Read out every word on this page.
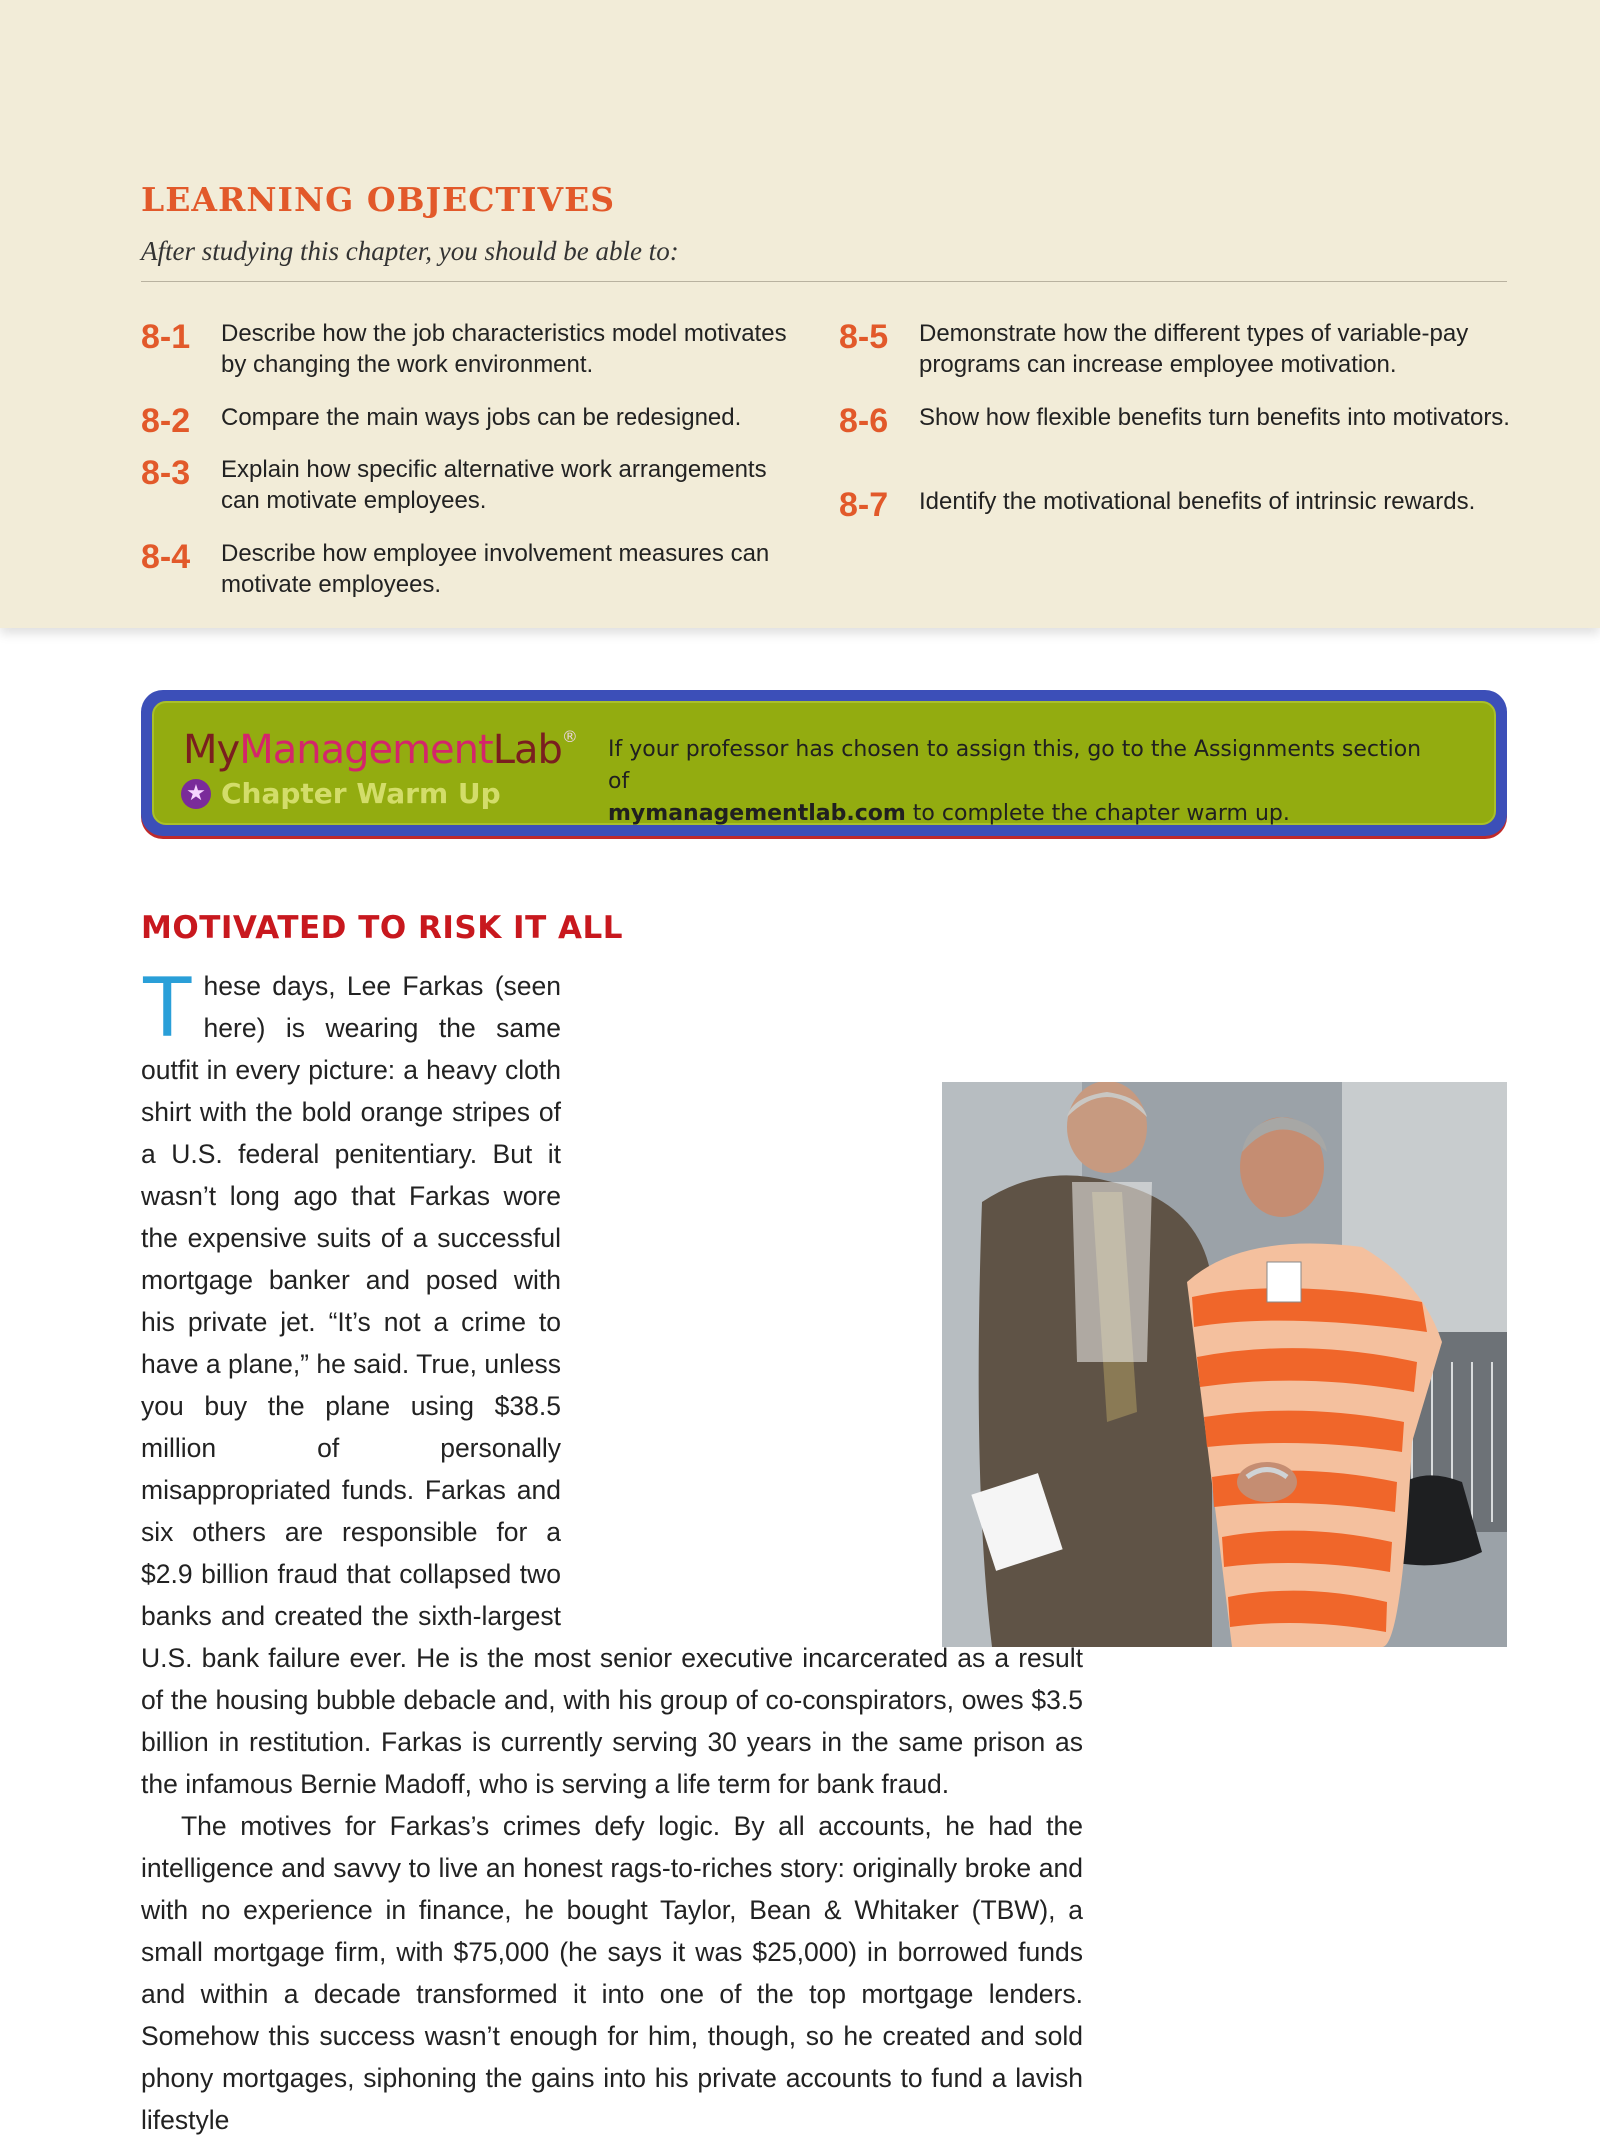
LEARNING OBJECTIVES
After studying this chapter, you should be able to:
8-1	Describe how the job characteristics model motivates by changing the work environment.
8-2	Compare the main ways jobs can be redesigned.
8-3	Explain how specific alternative work arrangements can motivate employees.
8-4	Describe how employee involvement measures can motivate employees.
8-5	Demonstrate how the different types of variable-pay programs can increase employee motivation.
8-6	Show how flexible benefits turn benefits into motivators.
8-7	Identify the motivational benefits of intrinsic rewards.
MyManagementLab®
★ Chapter Warm Up
If your professor has chosen to assign this, go to the Assignments section of
mymanagementlab.com to complete the chapter warm up.
MOTIVATED TO RISK IT ALL

T hese days, Lee Farkas (seen here) is wearing the same outfit in every picture: a heavy cloth shirt with the bold orange stripes of a U.S. federal penitentiary. But it wasn’t long ago that Farkas wore the expensive suits of a successful mortgage banker and posed with his private jet. “It’s not a crime to have a plane,” he said. True, unless you buy the plane using $38.5 million of personally misappropriated funds. Farkas and six others are responsible for a $2.9 billion fraud that collapsed two banks and created the sixth-largest U.S. bank failure ever. He is the most senior executive incarcerated as a result of the housing bubble debacle and, with his group of co-conspirators, owes $3.5 billion in restitution. Farkas is currently serving 30 years in the same prison as the infamous Bernie Madoff, who is serving a life term for bank fraud.

The motives for Farkas’s crimes defy logic. By all accounts, he had the intelligence and savvy to live an honest rags-to-riches story: originally broke and with no experience in finance, he bought Taylor, Bean & Whitaker (TBW), a small mortgage firm, with $75,000 (he says it was $25,000) in borrowed funds and within a decade transformed it into one of the top mortgage lenders. Somehow this success wasn’t enough for him, though, so he created and sold phony mortgages, siphoning the gains into his private accounts to fund a lavish lifestyle
